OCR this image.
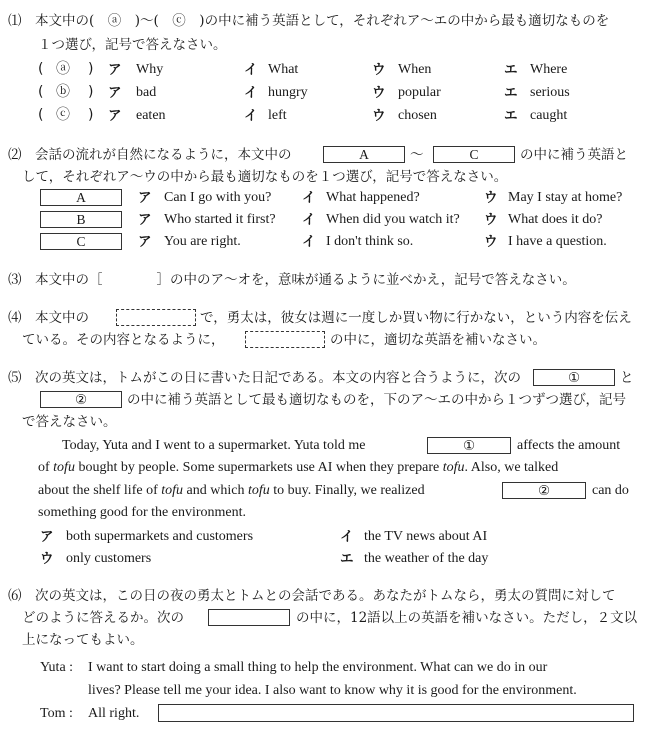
⑴　本文中の(　ⓐ　)～(　ⓒ　)の中に補う英語として，それぞれア～エの中から最も適切なものを
１つ選び，記号で答えなさい。
( ⓐ ) ア Why	イ What	ウ When	エ Where
( ⓑ ) ア bad	イ hungry	ウ popular	エ serious
( ⓒ ) ア eaten	イ left	ウ chosen	エ caught
⑵　会話の流れが自然になるように，本文中の	A	～	C	の中に補う英語と
して，それぞれア～ウの中から最も適切なものを１つ選び，記号で答えなさい。
A	ア Can I go with you? イ What happened?	ウ May I stay at home?
B	ア Who started it first? イ When did you watch it? ウ What does it do?
C	ア You are right.	イ I don't think so.	ウ I have a question.
⑶　本文中の［　　　　］の中のア～オを，意味が通るように並べかえ，記号で答えなさい。
⑷　本文中の	で，勇太は，彼女は週に一度しか買い物に行かない，という内容を伝え
ている。その内容となるように，	の中に，適切な英語を補いなさい。
⑸　次の英文は，トムがこの日に書いた日記である。本文の内容と合うように，次の	①	と
②	の中に補う英語として最も適切なものを，下のア～エの中から１つずつ選び，記号
で答えなさい。
Today, Yuta and I went to a supermarket. Yuta told me	①	affects the amount
of tofu bought by people. Some supermarkets use AI when they prepare tofu. Also, we talked
about the shelf life of tofu and which tofu to buy. Finally, we realized	②	can do
something good for the environment.
ア both supermarkets and customers	イ the TV news about AI
ウ only customers	エ the weather of the day
⑹　次の英文は，この日の夜の勇太とトムとの会話である。あなたがトムなら，勇太の質問に対して
どのように答えるか。次の	の中に，12語以上の英語を補いなさい。ただし，２文以
上になってもよい。
Yuta : I want to start doing a small thing to help the environment. What can we do in our
lives? Please tell me your idea. I also want to know why it is good for the environment.
Tom : All right.
